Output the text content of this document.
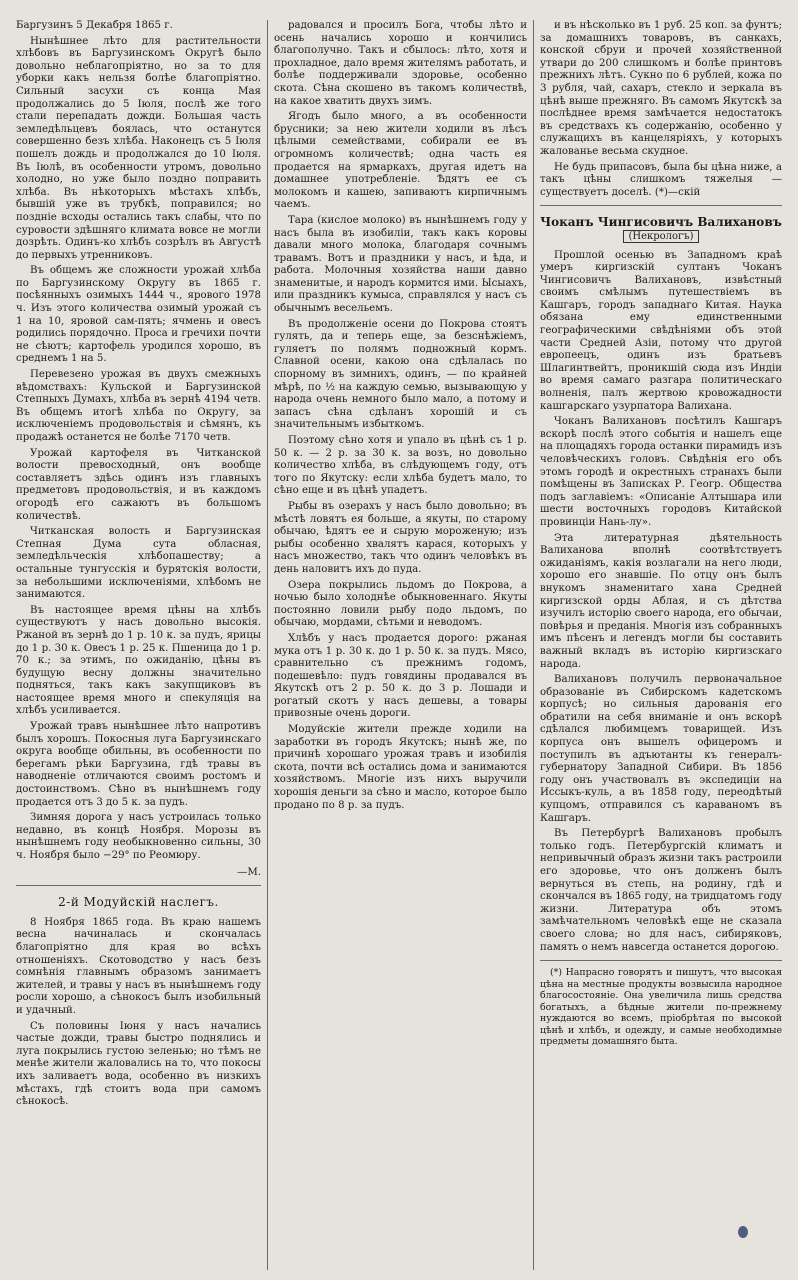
Баргузинъ 5 Декабря 1865 г.

Нынѣшнее лѣто для растительности хлѣбовъ въ Баргузинскомъ Округѣ было довольно неблагопріятно, но за то для уборки какъ нельзя болѣе благопріятно. Сильный засухи съ конца Мая продолжались до 5 Іюля, послѣ же того стали перепадать дожди. Большая часть земледѣльцевъ боялась, что останутся совершенно безъ хлѣба. Наконецъ съ 5 Іюля пошелъ дождь и продолжался до 10 Іюля. Въ Іюлѣ, въ особенности утромъ, довольно холодно, но уже было поздно поправить хлѣба. Въ нѣкоторыхъ мѣстахъ хлѣбъ, бывшій уже въ трубкѣ, поправился; но позднiе всходы остались такъ слабы, что по суровости здѣшняго климата вовсе не могли дозрѣть. Одинъ-ко хлѣбъ созрѣлъ въ Августѣ до первыхъ утренниковъ.

Въ общемъ же сложности урожай хлѣба по Баргузинскому Округу въ 1865 г. посѣянныхъ озимыхъ 1444 ч., ярового 1978 ч. Изъ этого количества озимый урожай съ 1 на 10, яровой сам-пять; ячмень и овесъ родились порядочно. Проса и гречихи почти не сѣютъ; картофель уродился хорошо, въ среднемъ 1 на 5.

Перевезено урожая въ двухъ смежныхъ вѣдомствахъ: Кульской и Баргузинской Степныхъ Думахъ, хлѣба въ зернѣ 4194 четв. Въ общемъ итогѣ хлѣба по Округу, за исключеніемъ продовольствія и сѣмянъ, къ продажѣ останется не болѣе 7170 четв.

Урожай картофеля въ Читканской волости превосходный, онъ вообще составляетъ здѣсь одинъ изъ главныхъ предметовъ продовольствія, и въ каждомъ огородѣ его сажаютъ въ большомъ количествѣ.

Читканская волость и Баргузинская Степная Дума сута обласная, земледѣльческія хлѣбопашеству; а остальные тунгусскія и бурятскія волости, за небольшими исключеніями, хлѣбомъ не занимаются.

Въ настоящее время цѣны на хлѣбъ существуютъ у насъ довольно высокія. Ржаной въ зернѣ до 1 р. 10 к. за пудъ, ярицы до 1 р. 30 к. Овесъ 1 р. 25 к. Пшеница до 1 р. 70 к.; за этимъ, по ожиданію, цѣны въ будущую весну должны значительно подняться, такъ какъ закупщиковъ въ настоящее время много и спекуляція на хлѣбъ усиливается.

Урожай травъ нынѣшнее лѣто напротивъ былъ хорошъ. Покосныя луга Баргузинскаго округа вообще обильны, въ особенности по берегамъ рѣки Баргузина, гдѣ травы въ наводненіе отличаются своимъ ростомъ и достоинствомъ. Сѣно въ нынѣшнемъ году продается отъ 3 до 5 к. за пудъ.

Зимняя дорога у насъ устроилась только недавно, въ концѣ Ноября. Морозы въ нынѣшнемъ году необыкновенно сильны, 30 ч. Ноября было −29° по Реомюру.

—М.

2-й Модуйскій наслегъ.

8 Ноября 1865 года. Въ краю нашемъ весна начиналась и скончалась благопріятно для края во всѣхъ отношеніяхъ. Скотоводство у насъ безъ сомнѣнія главнымъ образомъ занимаетъ жителей, и травы у насъ въ нынѣшнемъ году росли хорошо, а сѣнокосъ былъ изобильный и удачный.

Съ половины Іюня у насъ начались частые дожди, травы быстро поднялись и луга покрылись густою зеленью; но тѣмъ не менѣе жители жаловались на то, что покосы ихъ заливаетъ вода, особенно въ низкихъ мѣстахъ, гдѣ стоитъ вода при самомъ сѣнокосѣ.

радовался и просилъ Бога, чтобы лѣто и осень начались хорошо и кончились благополучно. Такъ и сбылось: лѣто, хотя и прохладное, дало время жителямъ работать, и болѣе поддерживали здоровье, особенно скота. Сѣна скошено въ такомъ количествѣ, на какое хватить двухъ зимъ.

Ягодъ было много, а въ особенности брусники; за нею жители ходили въ лѣсъ цѣлыми семействами, собирали ее въ огромномъ количествѣ; одна часть ея продается на ярмаркахъ, другая идетъ на домашнее употребленіе. Ѣдятъ ее съ молокомъ и кашею, запиваютъ кирпичнымъ чаемъ.

Тара (кислое молоко) въ нынѣшнемъ году у насъ была въ изобиліи, такъ какъ коровы давали много молока, благодаря сочнымъ травамъ. Вотъ и праздники у насъ, и ѣда, и работа. Молочныя хозяйства наши давно знаменитые, и народъ кормится ими. Ысыахъ, или праздникъ кумыса, справлялся у насъ съ обычнымъ весельемъ.

Въ продолженіе осени до Покрова стоятъ гулять, да и теперь еще, за безснѣжіемъ, гуляетъ по полямъ подножный кормъ. Славной осени, какою она сдѣлалась по спорному въ зимнихъ, одинъ, — по крайней мѣрѣ, по ½ на каждую семью, вызывающую у народа очень немного было мало, а потому и запасъ сѣна сдѣланъ хорошій и съ значительнымъ избыткомъ.

Поэтому сѣно хотя и упало въ цѣнѣ съ 1 р. 50 к. — 2 р. за 30 к. за возъ, но довольно количество хлѣба, въ слѣдующемъ году, отъ того по Якутску: если хлѣба будетъ мало, то сѣно еще и въ цѣнѣ упадетъ.

Рыбы въ озерахъ у насъ было довольно; въ мѣстѣ ловятъ ея больше, а якуты, по старому обычаю, ѣдятъ ее и сырую мороженую; изъ рыбы особенно хвалятъ карася, которыхъ у насъ множество, такъ что одинъ человѣкъ въ день наловитъ ихъ до пуда.

Озера покрылись льдомъ до Покрова, а ночью было холоднѣе обыкновеннаго. Якуты постоянно ловили рыбу подо льдомъ, по обычаю, мордами, сѣтьми и неводомъ.

Хлѣбъ у насъ продается дорого: ржаная мука отъ 1 р. 30 к. до 1 р. 50 к. за пудъ. Мясо, сравнительно съ прежнимъ годомъ, подешевѣло: пудъ говядины продавался въ Якутскѣ отъ 2 р. 50 к. до 3 р. Лошади и рогатый скотъ у насъ дешевы, а товары привозные очень дороги.

Модуйскіе жители прежде ходили на заработки въ городъ Якутскъ; нынѣ же, по причинѣ хорошаго урожая травъ и изобилія скота, почти всѣ остались дома и занимаются хозяйствомъ. Многіе изъ нихъ выручили хорошія деньги за сѣно и масло, которое было продано по 8 р. за пудъ.

и въ нѣсколько въ 1 руб. 25 коп. за фунтъ; за домашнихъ товаровъ, въ санкахъ, конской сбруи и прочей хозяйственной утвари до 200 слишкомъ и болѣе принтовъ прежнихъ лѣтъ. Сукно по 6 рублей, кожа по 3 рубля, чай, сахаръ, стекло и зеркала въ цѣнѣ выше прежняго. Въ самомъ Якутскѣ за послѣднее время замѣчается недостатокъ въ средствахъ къ содержанію, особенно у служащихъ въ канцеляріяхъ, у которыхъ жалованье весьма скудное.

Не будь припасовъ, была бы цѣна ниже, а такъ цѣны слишкомъ тяжелыя — существуетъ доселѣ. (*)—скій

Чоканъ Чингисовичъ Валихановъ

(Некрологъ)

Прошлой осенью въ Западномъ краѣ умеръ киргизскій султанъ Чоканъ Чингисовичъ Валихановъ, извѣстный своимъ смѣлымъ путешествіемъ въ Кашгаръ, городъ западнаго Китая. Наука обязана ему единственными географическими свѣдѣніями объ этой части Средней Азіи, потому что другой европеецъ, одинъ изъ братьевъ Шлагинтвейтъ, проникшій сюда изъ Индіи во время самаго разгара политическаго волненія, палъ жертвою кровожадности кашгарскаго узурпатора Валихана.

Чоканъ Валихановъ посѣтилъ Кашгаръ вскорѣ послѣ этого событія и нашелъ еще на площадяхъ города останки пирамидъ изъ человѣческихъ головъ. Свѣдѣнія его объ этомъ городѣ и окрестныхъ странахъ были помѣщены въ Записках Р. Геогр. Общества подъ заглавіемъ: «Описаніе Алтышара или шести восточныхъ городовъ Китайской провинціи Нань-лу».

Эта литературная дѣятельность Валиханова вполнѣ соотвѣтствуетъ ожиданіямъ, какія возлагали на него люди, хорошо его знавшіе. По отцу онъ былъ внукомъ знаменитаго хана Средней киргизской орды Аблая, и съ дѣтства изучилъ исторію своего народа, его обычаи, повѣрья и преданія. Многія изъ собранныхъ имъ пѣсенъ и легендъ могли бы составить важный вкладъ въ исторію киргизскаго народа.

Валихановъ получилъ первоначальное образованіе въ Сибирскомъ кадетскомъ корпусѣ; но сильныя дарованія его обратили на себя вниманіе и онъ вскорѣ сдѣлался любимцемъ товарищей. Изъ корпуса онъ вышелъ офицеромъ и поступилъ въ адъютанты къ генералъ-губернатору Западной Сибири. Въ 1856 году онъ участвовалъ въ экспедиціи на Иссыкъ-куль, а въ 1858 году, переодѣтый купцомъ, отправился съ караваномъ въ Кашгаръ.

Въ Петербургѣ Валихановъ пробылъ только годъ. Петербургскій климатъ и непривычный образъ жизни такъ растроили его здоровье, что онъ долженъ былъ вернуться въ степь, на родину, гдѣ и скончался въ 1865 году, на тридцатомъ году жизни. Литература объ этомъ замѣчательномъ человѣкѣ еще не сказала своего слова; но для насъ, сибиряковъ, память о немъ навсегда останется дорогою.

(*) Напрасно говорятъ и пишутъ, что высокая цѣна на местные продукты возвысила народное благосостояніе. Она увеличила лишь средства богатыхъ, а бѣдные жители по-прежнему нуждаются во всемъ, пріобрѣтая по высокой цѣнѣ и хлѣбъ, и одежду, и самые необходимые предметы домашняго быта.
